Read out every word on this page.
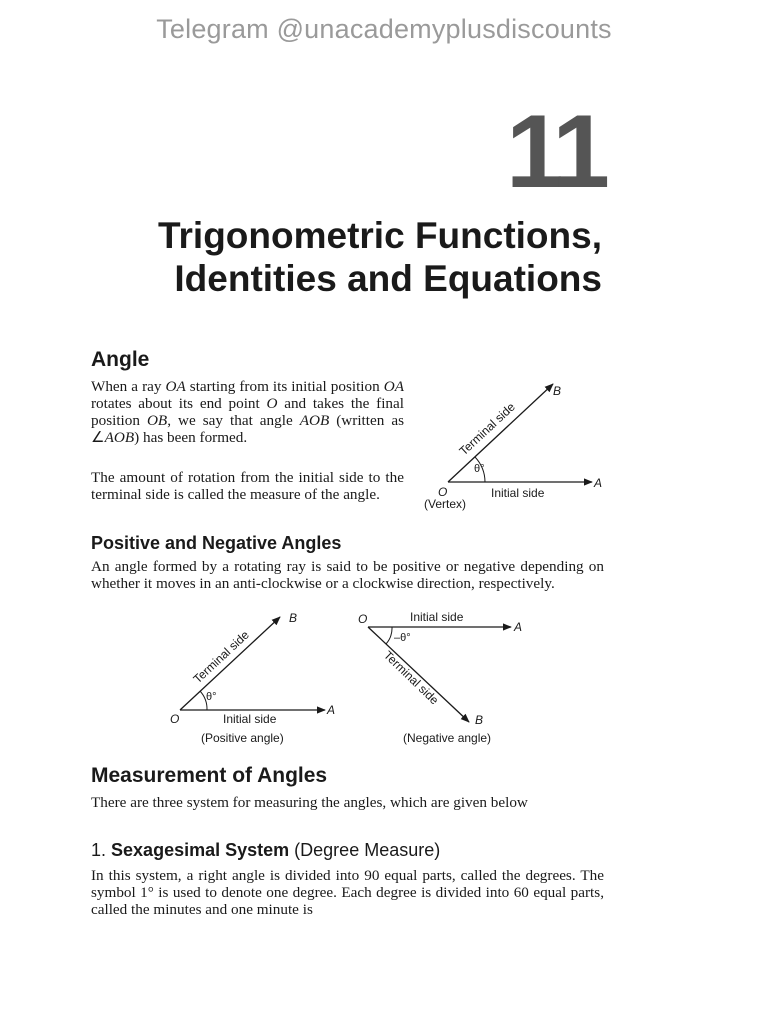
Telegram @unacademyplusdiscounts
11
Trigonometric Functions,
Identities and Equations
Angle

When a ray OA starting from its initial position OA rotates about its end point O and takes the final position OB, we say that angle AOB (written as ∠AOB) has been formed.

The amount of rotation from the initial side to the terminal side is called the measure of the angle.

B
A
O
(Vertex)
Initial side
θ°
Terminal side
Positive and Negative Angles

An angle formed by a rotating ray is said to be positive or negative depending on whether it moves in an anti-clockwise or a clockwise direction, respectively.

B
A
O	Initial side
θ°
Terminal side
(Positive angle)
O	Initial side
A
–θ°
B
Terminal side
(Negative angle)
Measurement of Angles

There are three system for measuring the angles, which are given below

1. Sexagesimal System (Degree Measure)

In this system, a right angle is divided into 90 equal parts, called the degrees. The symbol 1° is used to denote one degree. Each degree is divided into 60 equal parts, called the minutes and one minute is
